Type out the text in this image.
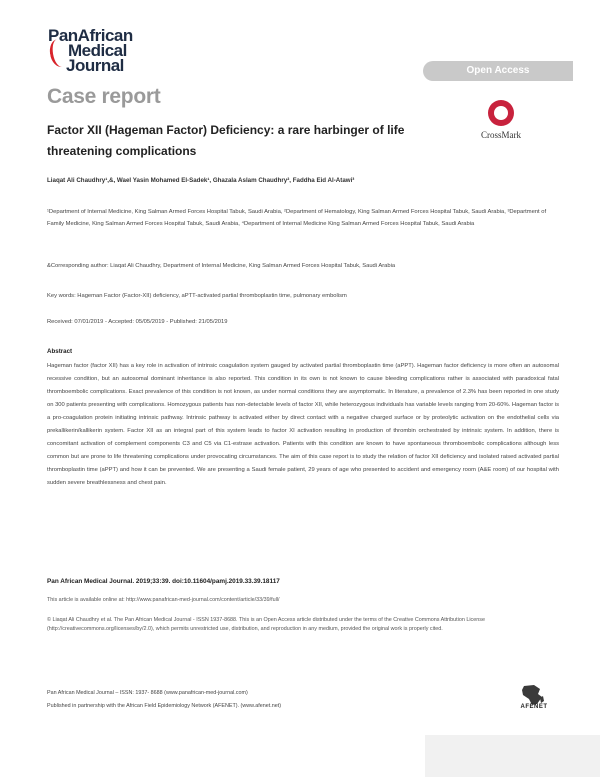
PanAfrican
Medical
Journal	Open Access
Case report
Factor XII (Hageman Factor) Deficiency: a rare harbinger of life threatening complications
CrossMark
Liaqat Ali Chaudhry¹,&, Wael Yasin Mohamed El-Sadek¹, Ghazala Aslam Chaudhry², Faddha Eid Al-Atawi³
¹Department of Internal Medicine, King Salman Armed Forces Hospital Tabuk, Saudi Arabia, ²Department of Hematology, King Salman Armed Forces Hospital Tabuk, Saudi Arabia, ³Department of Family Medicine, King Salman Armed Forces Hospital Tabuk, Saudi Arabia, ⁴Department of Internal Medicine King Salman Armed Forces Hospital Tabuk, Saudi Arabia
&Corresponding author: Liaqat Ali Chaudhry, Department of Internal Medicine, King Salman Armed Forces Hospital Tabuk, Saudi Arabia
Key words: Hageman Factor (Factor-XII) deficiency, aPTT-activated partial thromboplastin time, pulmonary embolism
Received: 07/01/2019 - Accepted: 05/05/2019 - Published: 21/05/2019
Abstract
Hageman factor (factor XII) has a key role in activation of intrinsic coagulation system gauged by activated partial thromboplastin time (aPPT). Hageman factor deficiency is more often an autosomal recessive condition, but an autosomal dominant inheritance is also reported. This condition in its own is not known to cause bleeding complications rather is associated with paradoxical fatal thromboembolic complications. Exact prevalence of this condition is not known, as under normal conditions they are asymptomatic. In literature, a prevalence of 2.3% has been reported in one study on 300 patients presenting with complications. Homozygous patients has non-detectable levels of factor XII, while heterozygous individuals has variable levels ranging from 20-60%. Hageman factor is a pro-coagulation protein initiating intrinsic pathway. Intrinsic pathway is activated either by direct contact with a negative charged surface or by proteolytic activation on the endothelial cells via prekallikerin/kallikerin system. Factor XII as an integral part of this system leads to factor XI activation resulting in production of thrombin orchestrated by intrinsic system. In addition, there is concomitant activation of complement components C3 and C5 via C1-estrase activation. Patients with this condition are known to have spontaneous thromboembolic complications although less common but are prone to life threatening complications under provocating circumstances. The aim of this case report is to study the relation of factor XII deficiency and isolated raised activated partial thromboplastin time (aPPT) and how it can be prevented. We are presenting a Saudi female patient, 29 years of age who presented to accident and emergency room (A&E room) of our hospital with sudden severe breathlessness and chest pain.
Pan African Medical Journal. 2019;33:39. doi:10.11604/pamj.2019.33.39.18117
This article is available online at: http://www.panafrican-med-journal.com/content/article/33/39/full/
© Liaqat Ali Chaudhry et al. The Pan African Medical Journal - ISSN 1937-8688. This is an Open Access article distributed under the terms of the Creative Commons Attribution License (http://creativecommons.org/licenses/by/2.0), which permits unrestricted use, distribution, and reproduction in any medium, provided the original work is properly cited.
Pan African Medical Journal – ISSN: 1937- 8688 (www.panafrican-med-journal.com)
Published in partnership with the African Field Epidemiology Network (AFENET). (www.afenet.net)	AFENET
